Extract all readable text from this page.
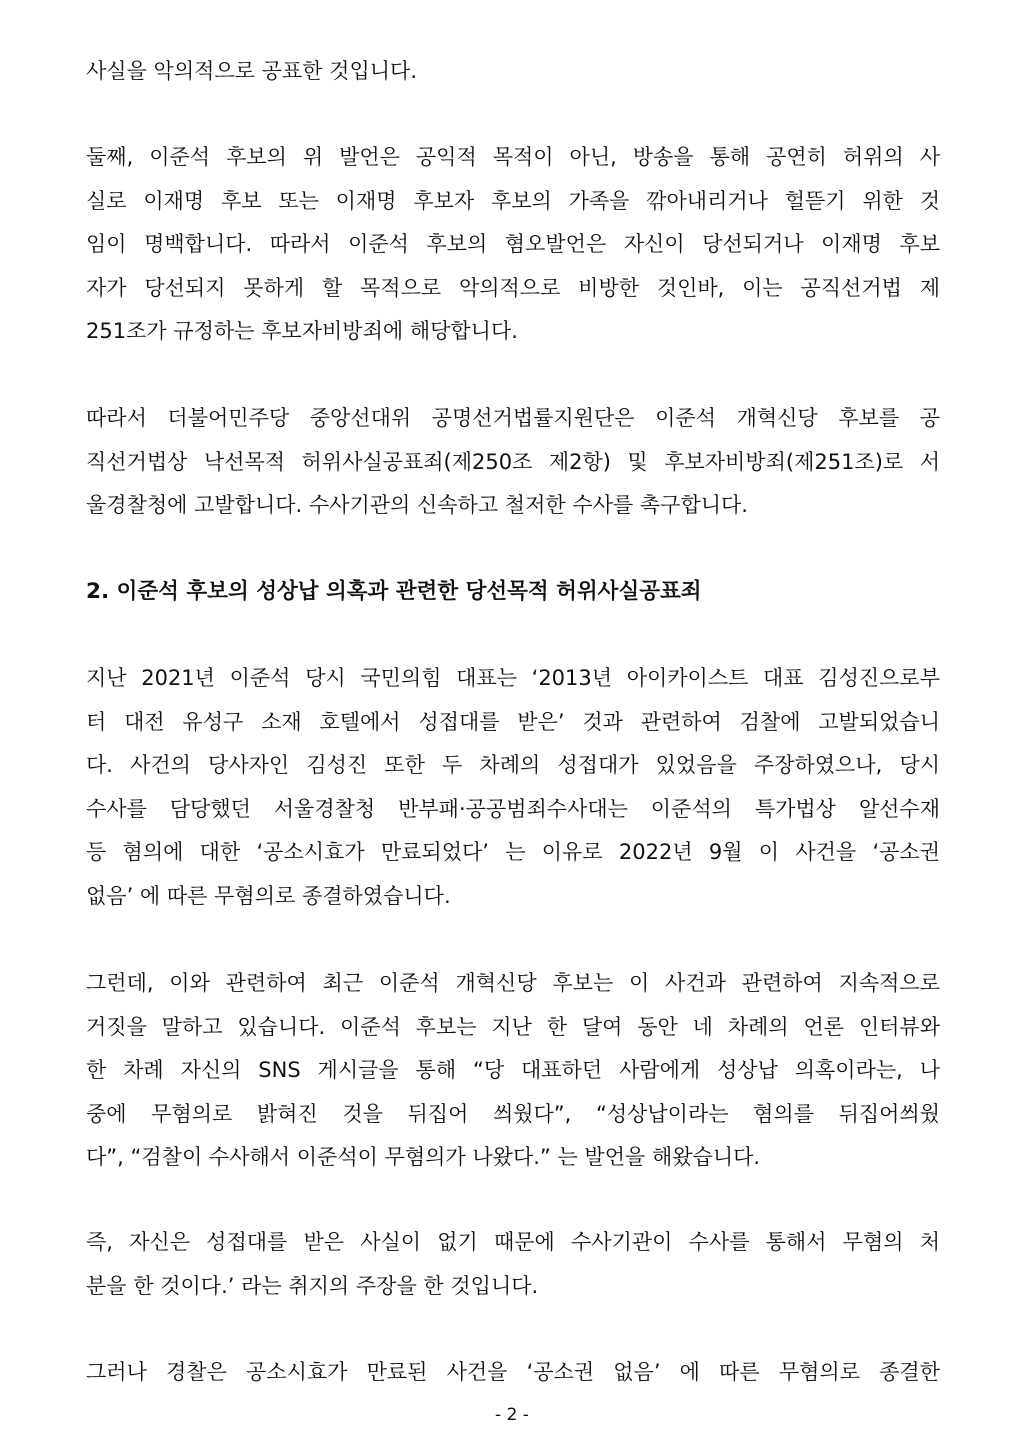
사실을 악의적으로 공표한 것입니다.
둘째, 이준석 후보의 위 발언은 공익적 목적이 아닌, 방송을 통해 공연히 허위의 사
실로 이재명 후보 또는 이재명 후보자 후보의 가족을 깎아내리거나 헐뜯기 위한 것
임이 명백합니다. 따라서 이준석 후보의 혐오발언은 자신이 당선되거나 이재명 후보
자가 당선되지 못하게 할 목적으로 악의적으로 비방한 것인바, 이는 공직선거법 제
251조가 규정하는 후보자비방죄에 해당합니다.
따라서 더불어민주당 중앙선대위 공명선거법률지원단은 이준석 개혁신당 후보를 공
직선거법상 낙선목적 허위사실공표죄(제250조 제2항) 및 후보자비방죄(제251조)로 서
울경찰청에 고발합니다. 수사기관의 신속하고 철저한 수사를 촉구합니다.
2. 이준석 후보의 성상납 의혹과 관련한 당선목적 허위사실공표죄
지난 2021년 이준석 당시 국민의힘 대표는 ‘2013년 아이카이스트 대표 김성진으로부
터 대전 유성구 소재 호텔에서 성접대를 받은’ 것과 관련하여 검찰에 고발되었습니
다. 사건의 당사자인 김성진 또한 두 차례의 성접대가 있었음을 주장하였으나, 당시
수사를 담당했던 서울경찰청 반부패·공공범죄수사대는 이준석의 특가법상 알선수재
등 혐의에 대한 ‘공소시효가 만료되었다’ 는 이유로 2022년 9월 이 사건을 ‘공소권
없음’ 에 따른 무혐의로 종결하였습니다.
그런데, 이와 관련하여 최근 이준석 개혁신당 후보는 이 사건과 관련하여 지속적으로
거짓을 말하고 있습니다. 이준석 후보는 지난 한 달여 동안 네 차례의 언론 인터뷰와
한 차례 자신의 SNS 게시글을 통해 “당 대표하던 사람에게 성상납 의혹이라는, 나
중에 무혐의로 밝혀진 것을 뒤집어 씌웠다”, “성상납이라는 혐의를 뒤집어씌웠
다”, “검찰이 수사해서 이준석이 무혐의가 나왔다.” 는 발언을 해왔습니다.
즉, 자신은 성접대를 받은 사실이 없기 때문에 수사기관이 수사를 통해서 무혐의 처
분을 한 것이다.’ 라는 취지의 주장을 한 것입니다.
그러나 경찰은 공소시효가 만료된 사건을 ‘공소권 없음’ 에 따른 무혐의로 종결한
- 2 -
